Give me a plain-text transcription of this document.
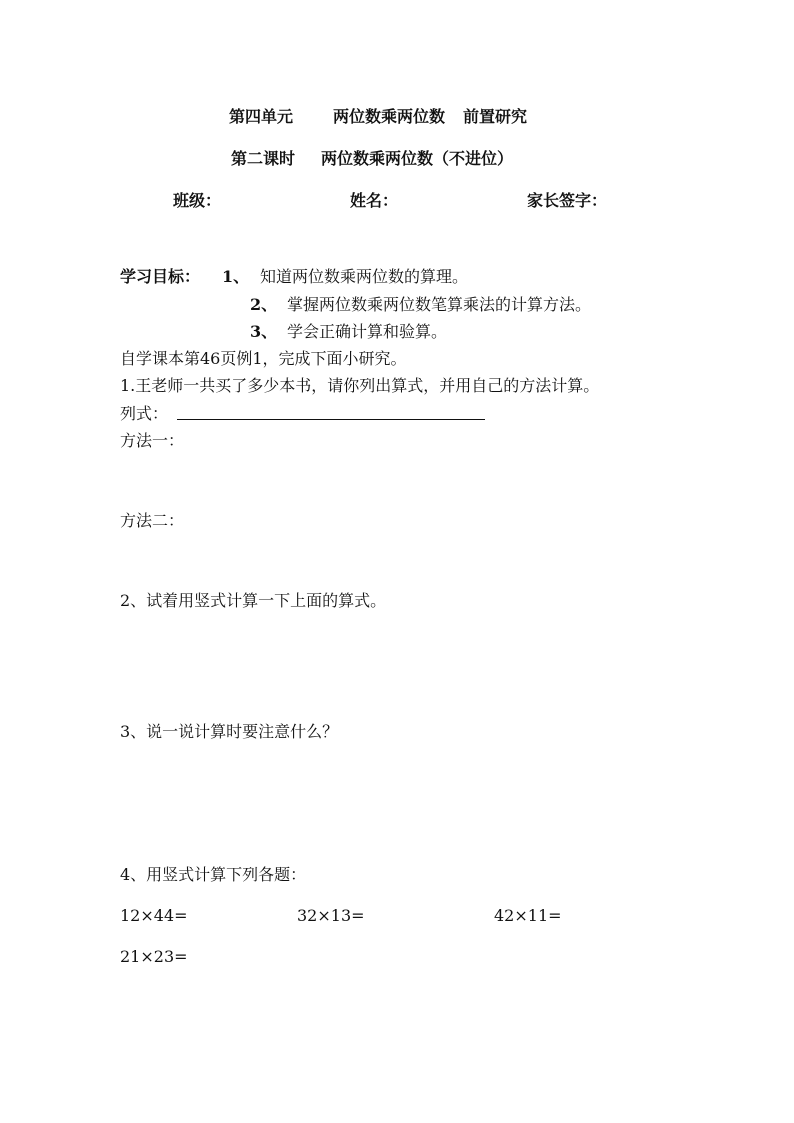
第四单元	两位数乘两位数 前置研究
第二课时 两位数乘两位数（不进位）
班级：	姓名：	家长签字：
学习目标： 1、 知道两位数乘两位数的算理。
2、 掌握两位数乘两位数笔算乘法的计算方法。
3、 学会正确计算和验算。
自学课本第46页例1，完成下面小研究。
1.王老师一共买了多少本书，请你列出算式，并用自己的方法计算。
列式：
方法一：
方法二：
2、试着用竖式计算一下上面的算式。
3、说一说计算时要注意什么？
4、用竖式计算下列各题：
12×44=	32×13=	42×11=
21×23=
